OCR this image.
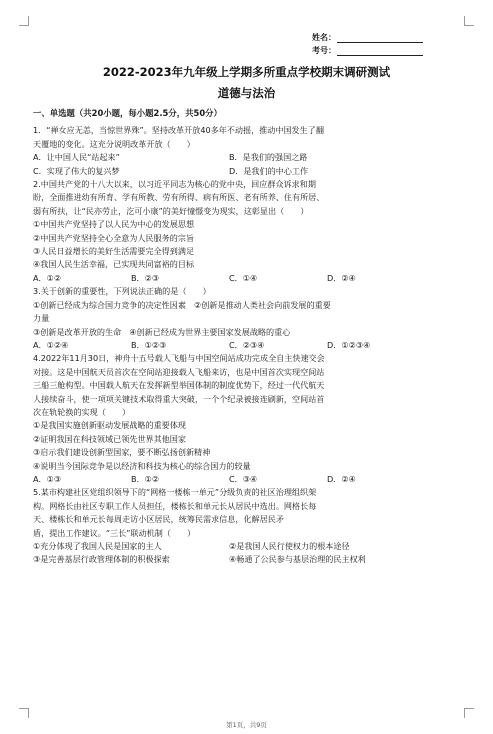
姓名：
考号：
2022-2023年九年级上学期多所重点学校期末调研测试
道德与法治
一、单选题（共20小题，每小题2.5分，共50分）

1．“禅女应无恙，当惊世界殊”。坚持改革开放40多年不动摇，推动中国发生了翻

天覆地的变化。这充分说明改革开放（　　）

A．让中国人民“站起来”	B．是我们的强国之路
C．实现了伟大的复兴梦	D．是我们的中心工作

2.中国共产党的十八大以来，以习近平同志为核心的党中央，回应群众诉求和期

盼，全面推进幼有所育、学有所教、劳有所得、病有所医、老有所养、住有所居、

弱有所扶，让“民亦劳止，汔可小康”的美好憧憬变为现实，这彰显出（　　）

①中国共产党坚持了以人民为中心的发展思想

②中国共产党坚持全心全意为人民服务的宗旨

③人民日益增长的美好生活需要完全得到满足

④我国人民生活幸福，已实现共同富裕的目标

A．①②	B．②③	C．①④	D．②④

3.关于创新的重要性，下列说法正确的是（　　）

①创新已经成为综合国力竞争的决定性因素　②创新是推动人类社会向前发展的重要

力量

③创新是改革开放的生命　④创新已经成为世界主要国家发展战略的重心

A．①②④	B．①②③	C．②③④	D．①②③④

4.2022年11月30日，神舟十五号载人飞船与中国空间站成功完成全自主快速交会

对接。这是中国航天员首次在空间站迎接载人飞船来访，也是中国首次实现空间站

三船三舱构型。中国载人航天在发挥新型举国体制的制度优势下，经过一代代航天

人接续奋斗，使一项项关键技术取得重大突破，一个个纪录被接连刷新，空间站首

次在轨轮换的实现（　　）

①是我国实施创新驱动发展战略的重要体现

②证明我国在科技领域已领先世界其他国家

③启示我们建设创新型国家，要不断弘扬创新精神

④说明当今国际竞争是以经济和科技为核心的综合国力的较量

A．①③	B．①②	C．③④	D．②④

5.某市构建社区党组织领导下的“网格一楼栋一单元”分级负责的社区治理组织架

构。网格长由社区专职工作人员担任，楼栋长和单元长从居民中选出。网格长每

天、楼栋长和单元长每周走访小区居民，统筹民需求信息，化解居民矛

盾，提出工作建议。“三长”联动机制（　　）

①充分体现了我国人民是国家的主人	②是我国人民行使权力的根本途径
③是完善基层行政管理体制的积极探索	④畅通了公民参与基层治理的民主权利
第1页，共9页
